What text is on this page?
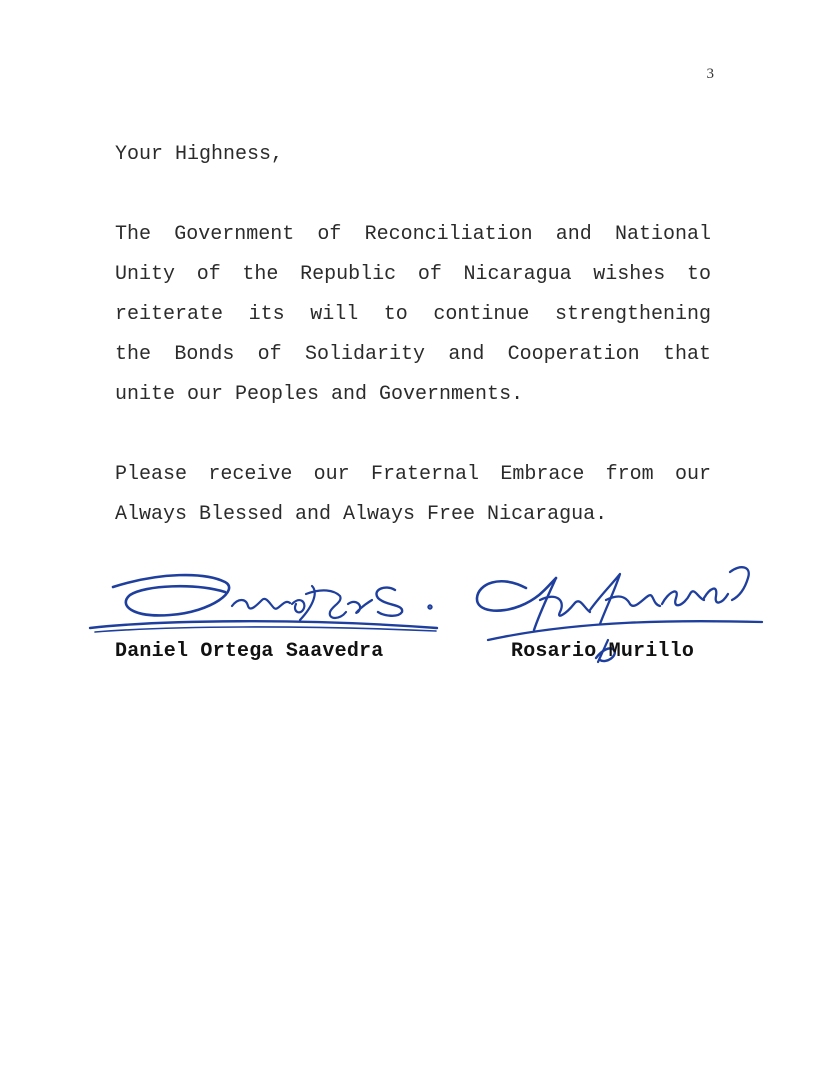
3

Your Highness,

The Government of Reconciliation and National
Unity of the Republic of Nicaragua wishes to
reiterate its will to continue strengthening
the Bonds of Solidarity and Cooperation that
unite our Peoples and Governments.

Please receive our Fraternal Embrace from our
Always Blessed and Always Free Nicaragua.

Daniel Ortega Saavedra	Rosario Murillo
